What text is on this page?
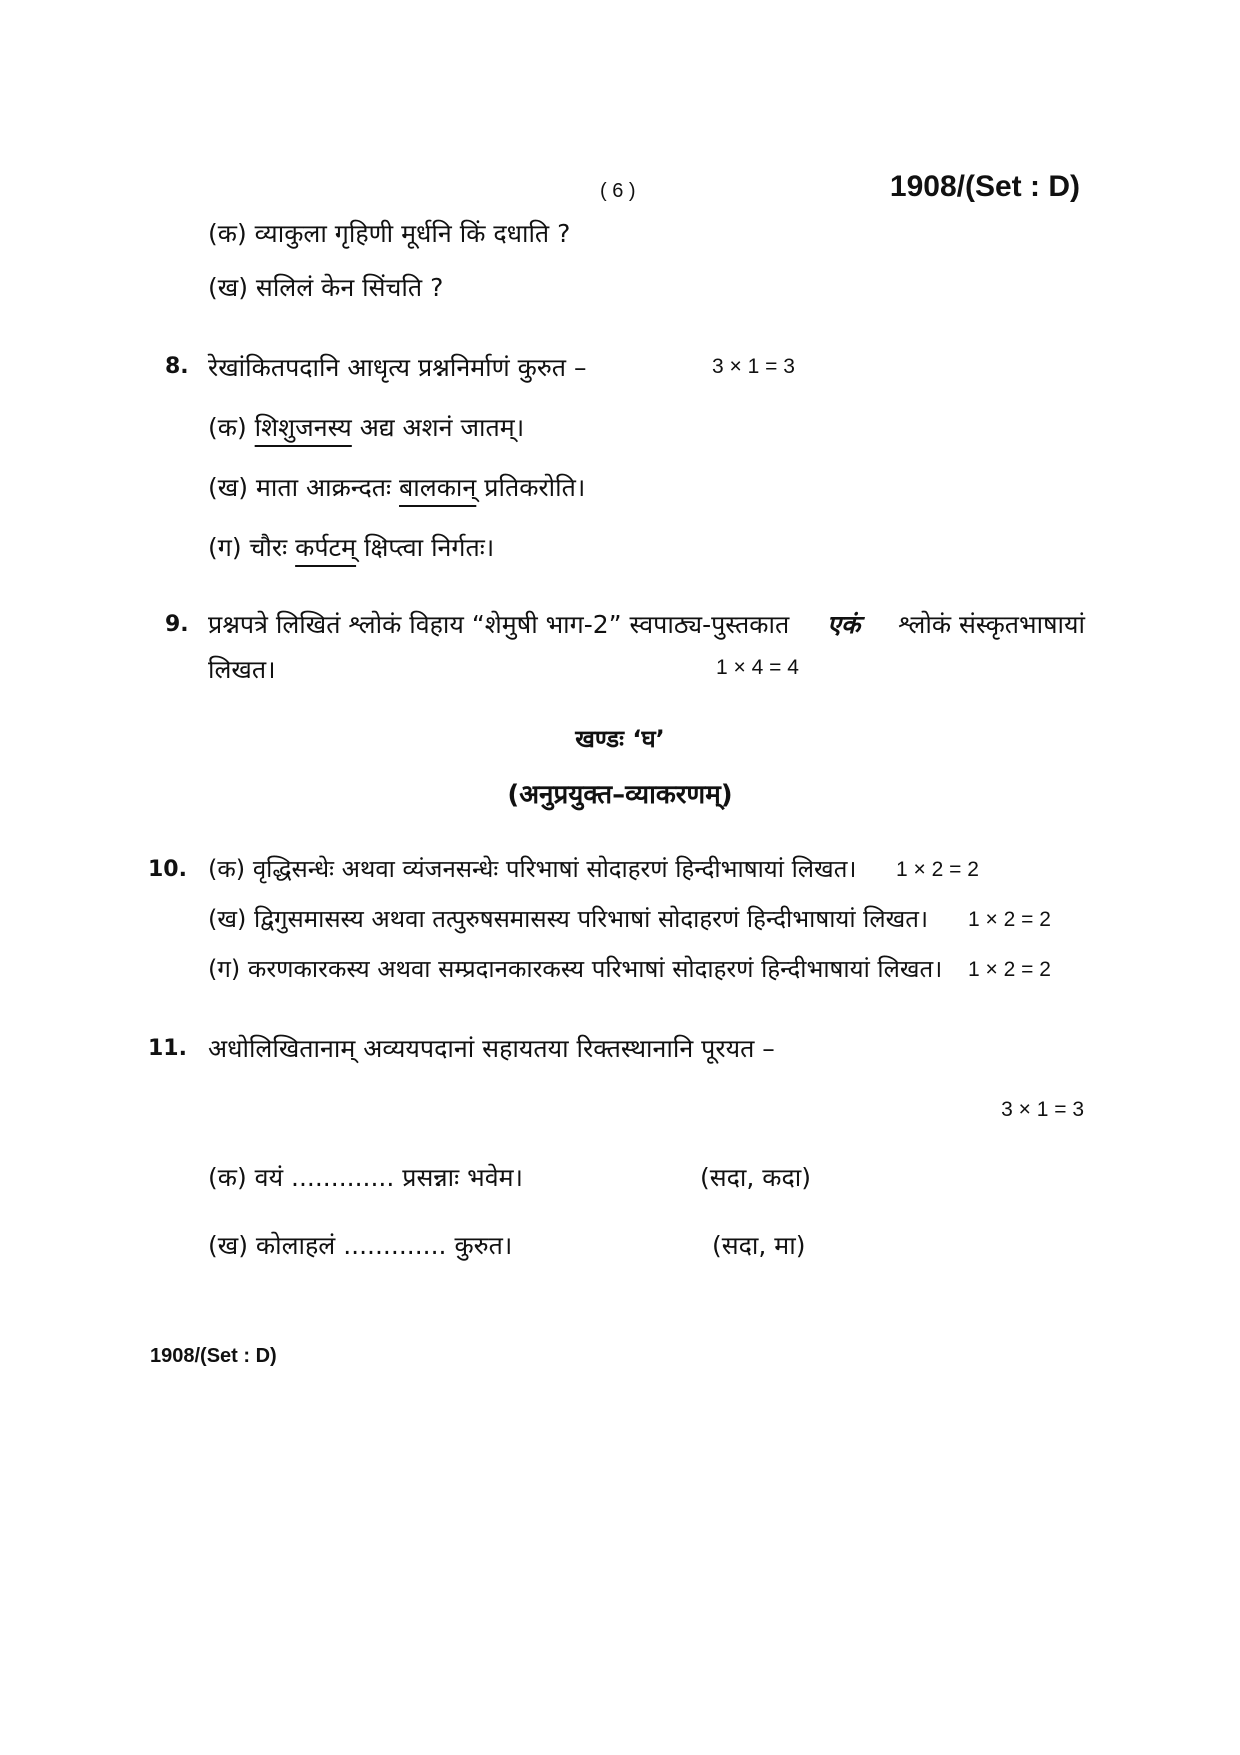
( 6 )	1908/(Set : D)
(क) व्याकुला गृहिणी मूर्धनि किं दधाति ?
(ख) सलिलं केन सिंचति ?
8. रेखांकितपदानि आधृत्य प्रश्ननिर्माणं कुरुत –	3 × 1 = 3
(क) शिशुजनस्य अद्य अशनं जातम्।
(ख) माता आक्रन्दतः बालकान् प्रतिकरोति।
(ग) चौरः कर्पटम् क्षिप्त्वा निर्गतः।
9. प्रश्नपत्रे लिखितं श्लोकं विहाय “शेमुषी भाग-2” स्वपाठ्य-पुस्तकात एकं श्लोकं संस्कृतभाषायां
लिखत।	1 × 4 = 4
खण्डः ‘घ’
(अनुप्रयुक्त–व्याकरणम्)
10. (क) वृद्धिसन्धेः अथवा व्यंजनसन्धेः परिभाषां सोदाहरणं हिन्दीभाषायां लिखत। 1 × 2 = 2
(ख) द्विगुसमासस्य अथवा तत्पुरुषसमासस्य परिभाषां सोदाहरणं हिन्दीभाषायां लिखत। 1 × 2 = 2
(ग) करणकारकस्य अथवा सम्प्रदानकारकस्य परिभाषां सोदाहरणं हिन्दीभाषायां लिखत। 1 × 2 = 2
11. अधोलिखितानाम् अव्ययपदानां सहायतया रिक्तस्थानानि पूरयत –
3 × 1 = 3
(क) वयं ............. प्रसन्नाः भवेम।	(सदा, कदा)
(ख) कोलाहलं ............. कुरुत।	(सदा, मा)
1908/(Set : D)
